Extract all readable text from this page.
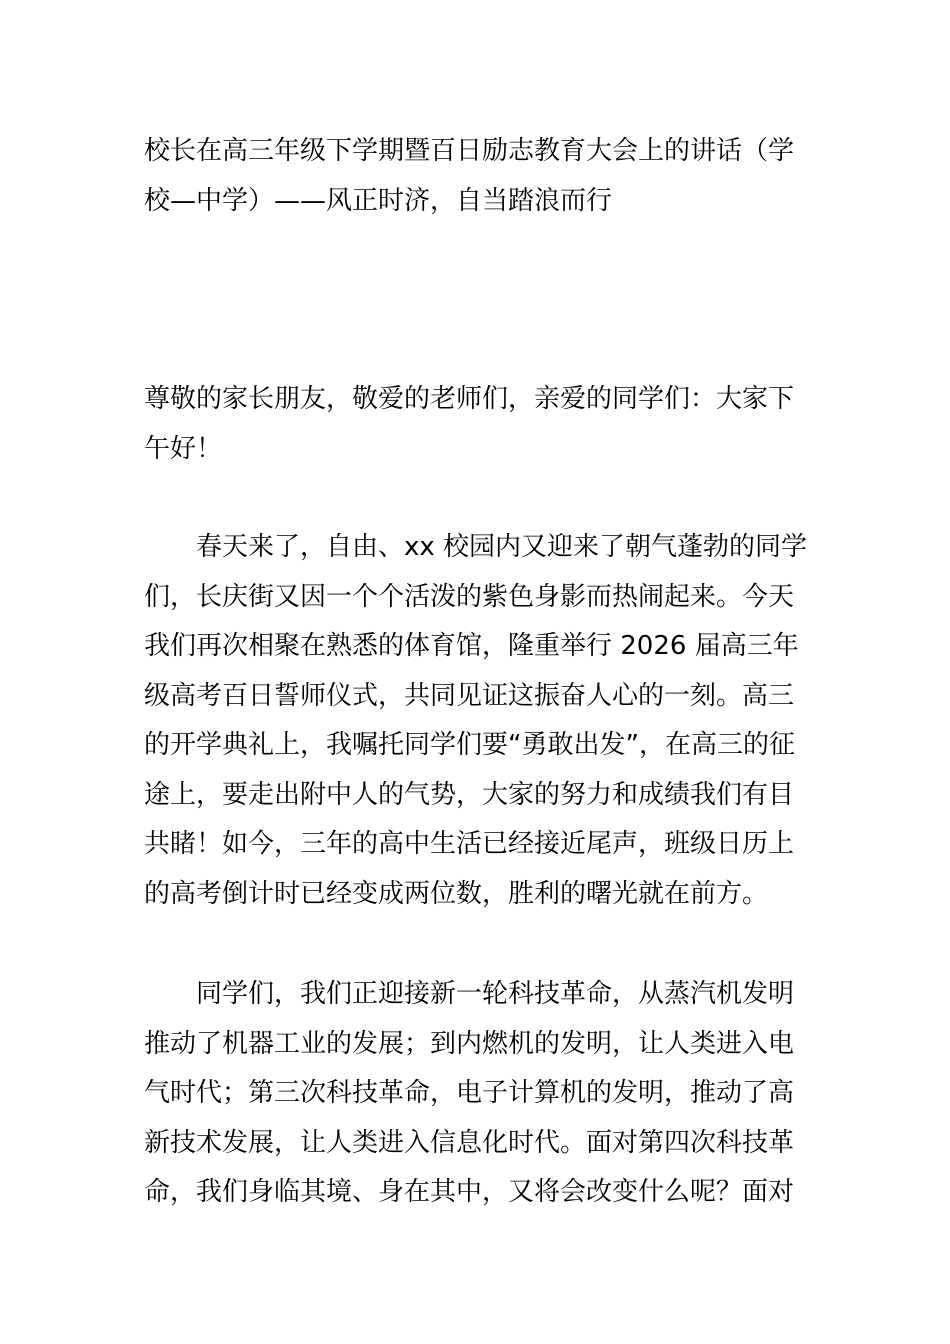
校长在高三年级下学期暨百日励志教育大会上的讲话（学校—中学）——风正时济，自当踏浪而行

尊敬的家长朋友，敬爱的老师们，亲爱的同学们：大家下午好！

春天来了，自由、xx 校园内又迎来了朝气蓬勃的同学们，长庆街又因一个个活泼的紫色身影而热闹起来。今天我们再次相聚在熟悉的体育馆，隆重举行 2026 届高三年级高考百日誓师仪式，共同见证这振奋人心的一刻。高三的开学典礼上，我嘱托同学们要“勇敢出发”，在高三的征途上，要走出附中人的气势，大家的努力和成绩我们有目共睹！如今，三年的高中生活已经接近尾声，班级日历上的高考倒计时已经变成两位数，胜利的曙光就在前方。

同学们，我们正迎接新一轮科技革命，从蒸汽机发明推动了机器工业的发展；到内燃机的发明，让人类进入电气时代；第三次科技革命，电子计算机的发明，推动了高新技术发展，让人类进入信息化时代。面对第四次科技革命，我们身临其境、身在其中，又将会改变什么呢？面对
